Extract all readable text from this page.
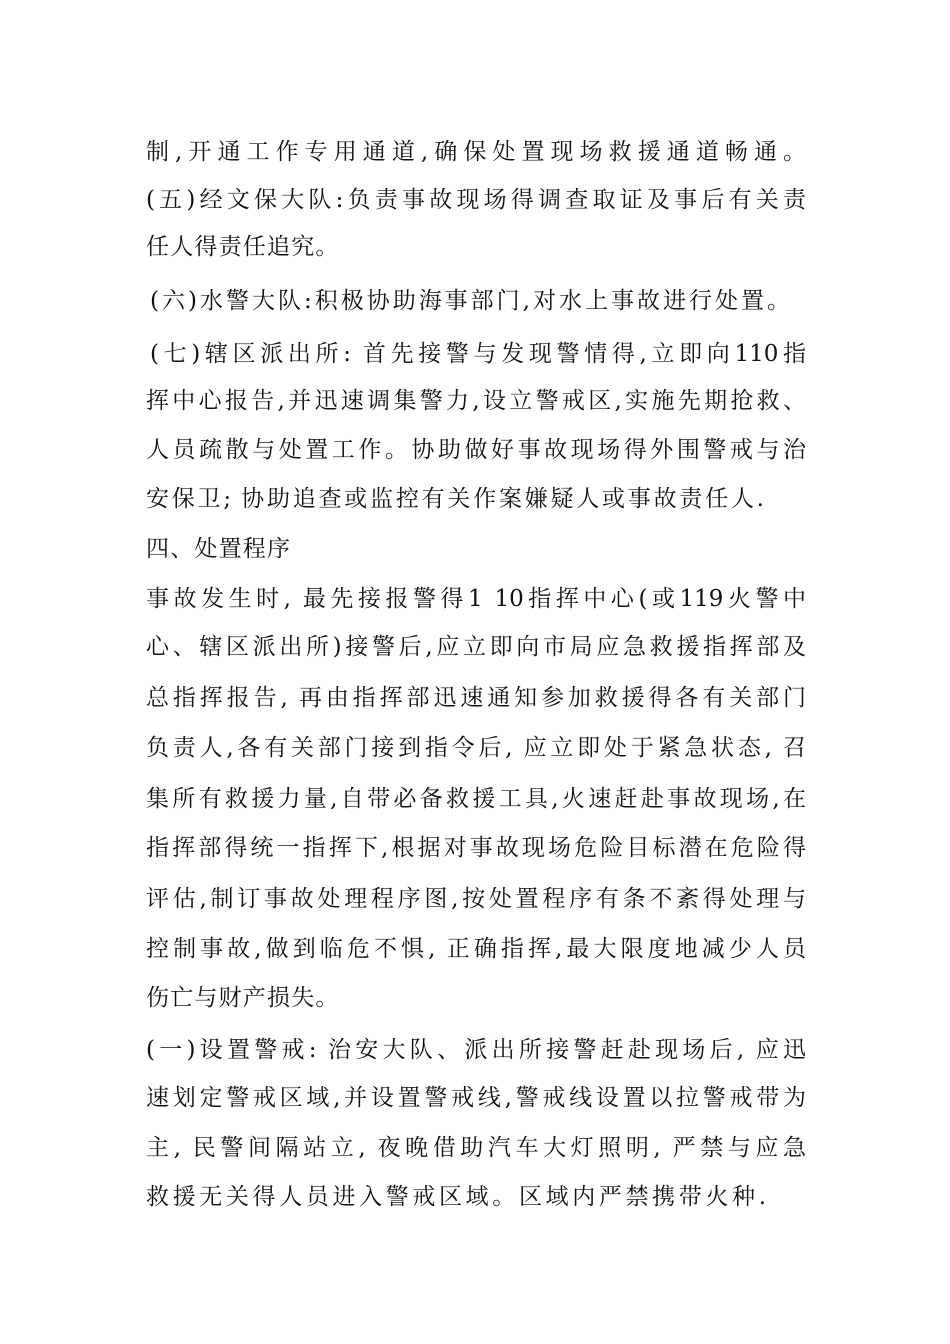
制,开通工作专用通道,确保处置现场救援通道畅通。
(五)经文保大队:负责事故现场得调查取证及事后有关责
任人得责任追究。
(六)水警大队:积极协助海事部门,对水上事故进行处置。
(七)辖区派出所: 首先接警与发现警情得,立即向110指
挥中心报告,并迅速调集警力,设立警戒区,实施先期抢救、
人员疏散与处置工作。协助做好事故现场得外围警戒与治
安保卫; 协助追查或监控有关作案嫌疑人或事故责任人.
四、处置程序
事故发生时, 最先接报警得1 10指挥中心(或119火警中
心、辖区派出所)接警后,应立即向市局应急救援指挥部及
总指挥报告, 再由指挥部迅速通知参加救援得各有关部门
负责人,各有关部门接到指令后, 应立即处于紧急状态, 召
集所有救援力量,自带必备救援工具,火速赶赴事故现场,在
指挥部得统一指挥下,根据对事故现场危险目标潜在危险得
评估,制订事故处理程序图,按处置程序有条不紊得处理与
控制事故,做到临危不惧, 正确指挥,最大限度地减少人员
伤亡与财产损失。
(一)设置警戒: 治安大队、派出所接警赶赴现场后, 应迅
速划定警戒区域,并设置警戒线,警戒线设置以拉警戒带为
主, 民警间隔站立, 夜晚借助汽车大灯照明, 严禁与应急
救援无关得人员进入警戒区域。区域内严禁携带火种.
